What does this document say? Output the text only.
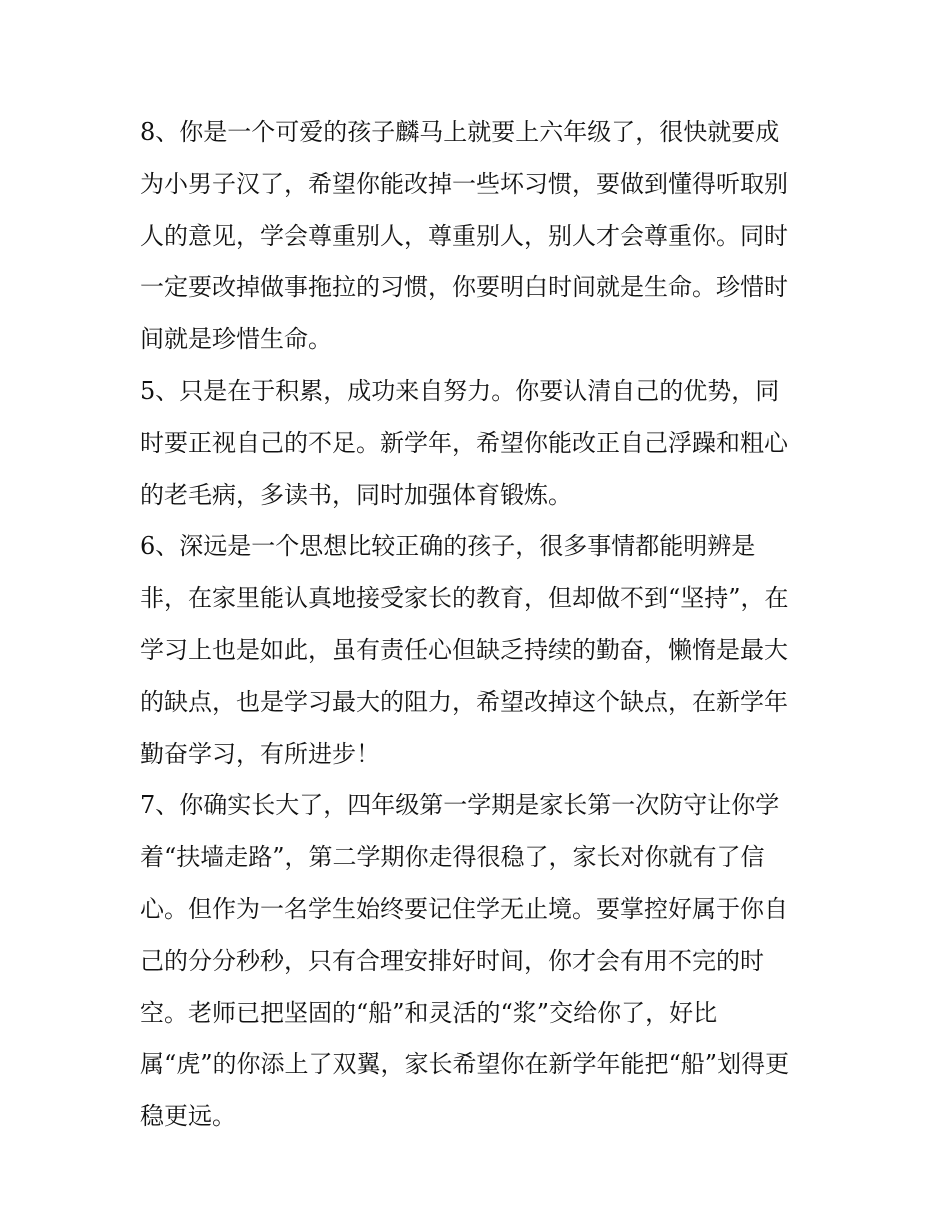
8、你是一个可爱的孩子麟马上就要上六年级了，很快就要成
为小男子汉了，希望你能改掉一些坏习惯，要做到懂得听取别
人的意见，学会尊重别人，尊重别人，别人才会尊重你。同时
一定要改掉做事拖拉的习惯，你要明白时间就是生命。珍惜时
间就是珍惜生命。
5、只是在于积累，成功来自努力。你要认清自己的优势，同
时要正视自己的不足。新学年，希望你能改正自己浮躁和粗心
的老毛病，多读书，同时加强体育锻炼。
6、深远是一个思想比较正确的孩子，很多事情都能明辨是
非，在家里能认真地接受家长的教育，但却做不到“坚持”，在
学习上也是如此，虽有责任心但缺乏持续的勤奋，懒惰是最大
的缺点，也是学习最大的阻力，希望改掉这个缺点，在新学年
勤奋学习，有所进步！
7、你确实长大了，四年级第一学期是家长第一次防守让你学
着“扶墙走路”，第二学期你走得很稳了，家长对你就有了信
心。但作为一名学生始终要记住学无止境。要掌控好属于你自
己的分分秒秒，只有合理安排好时间，你才会有用不完的时
空。老师已把坚固的“船”和灵活的“浆”交给你了，好比
属“虎”的你添上了双翼，家长希望你在新学年能把“船”划得更
稳更远。
